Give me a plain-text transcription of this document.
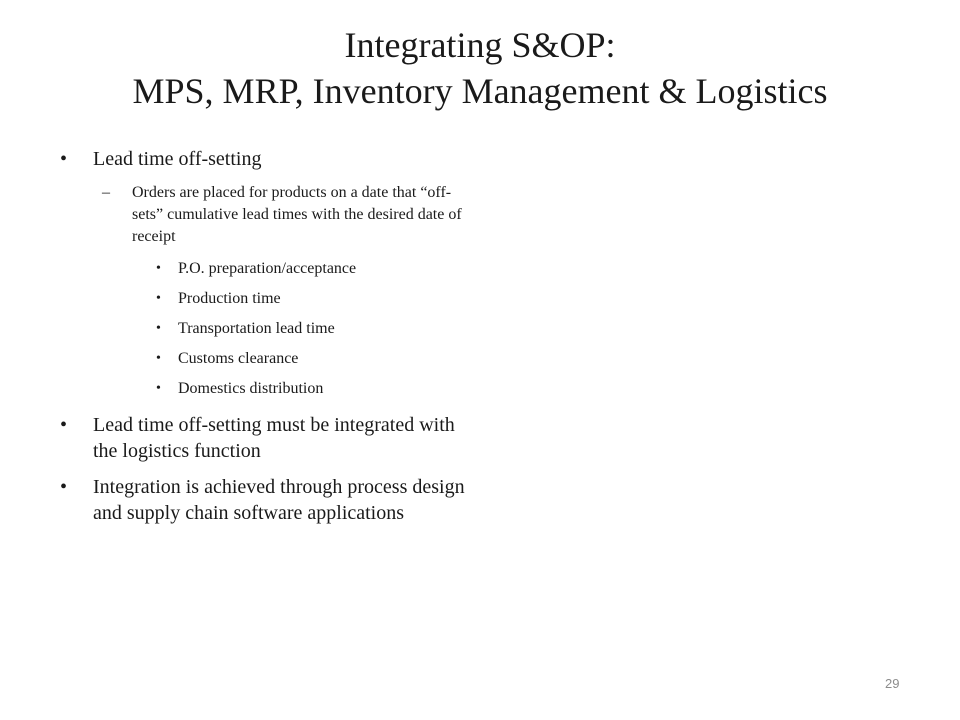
Integrating S&OP:
MPS, MRP, Inventory Management & Logistics
• Lead time off-setting
– Orders are placed for products on a date that “off-sets” cumulative lead times with the desired date of receipt
• P.O. preparation/acceptance
• Production time
• Transportation lead time
• Customs clearance
• Domestics distribution
• Lead time off-setting must be integrated with the logistics function
• Integration is achieved through process design and supply chain software applications
29
